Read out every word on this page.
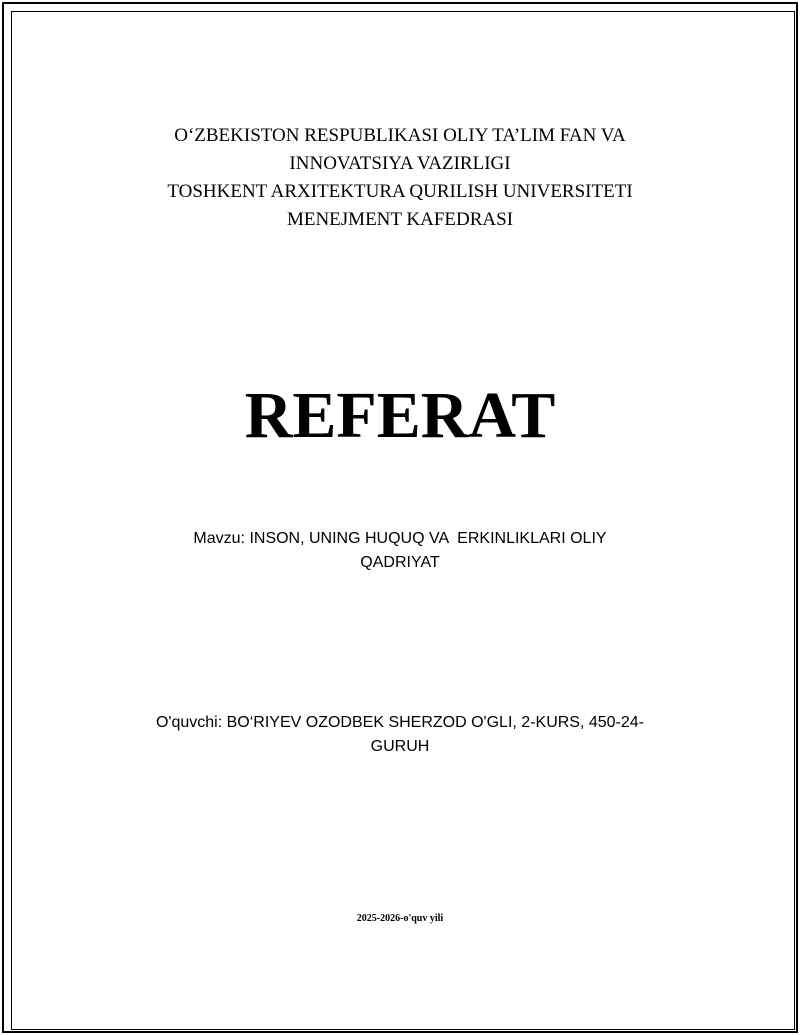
O‘ZBEKISTON RESPUBLIKASI OLIY TA’LIM FAN VA
INNOVATSIYA VAZIRLIGI
TOSHKENT ARXITEKTURA QURILISH UNIVERSITETI
MENEJMENT KAFEDRASI
REFERAT
Mavzu: INSON, UNING HUQUQ VA  ERKINLIKLARI OLIY
QADRIYAT
O'quvchi: BO‘RIYEV OZODBEK SHERZOD O'GLI, 2-KURS, 450-24-
GURUH
2025-2026-o'quv yili
